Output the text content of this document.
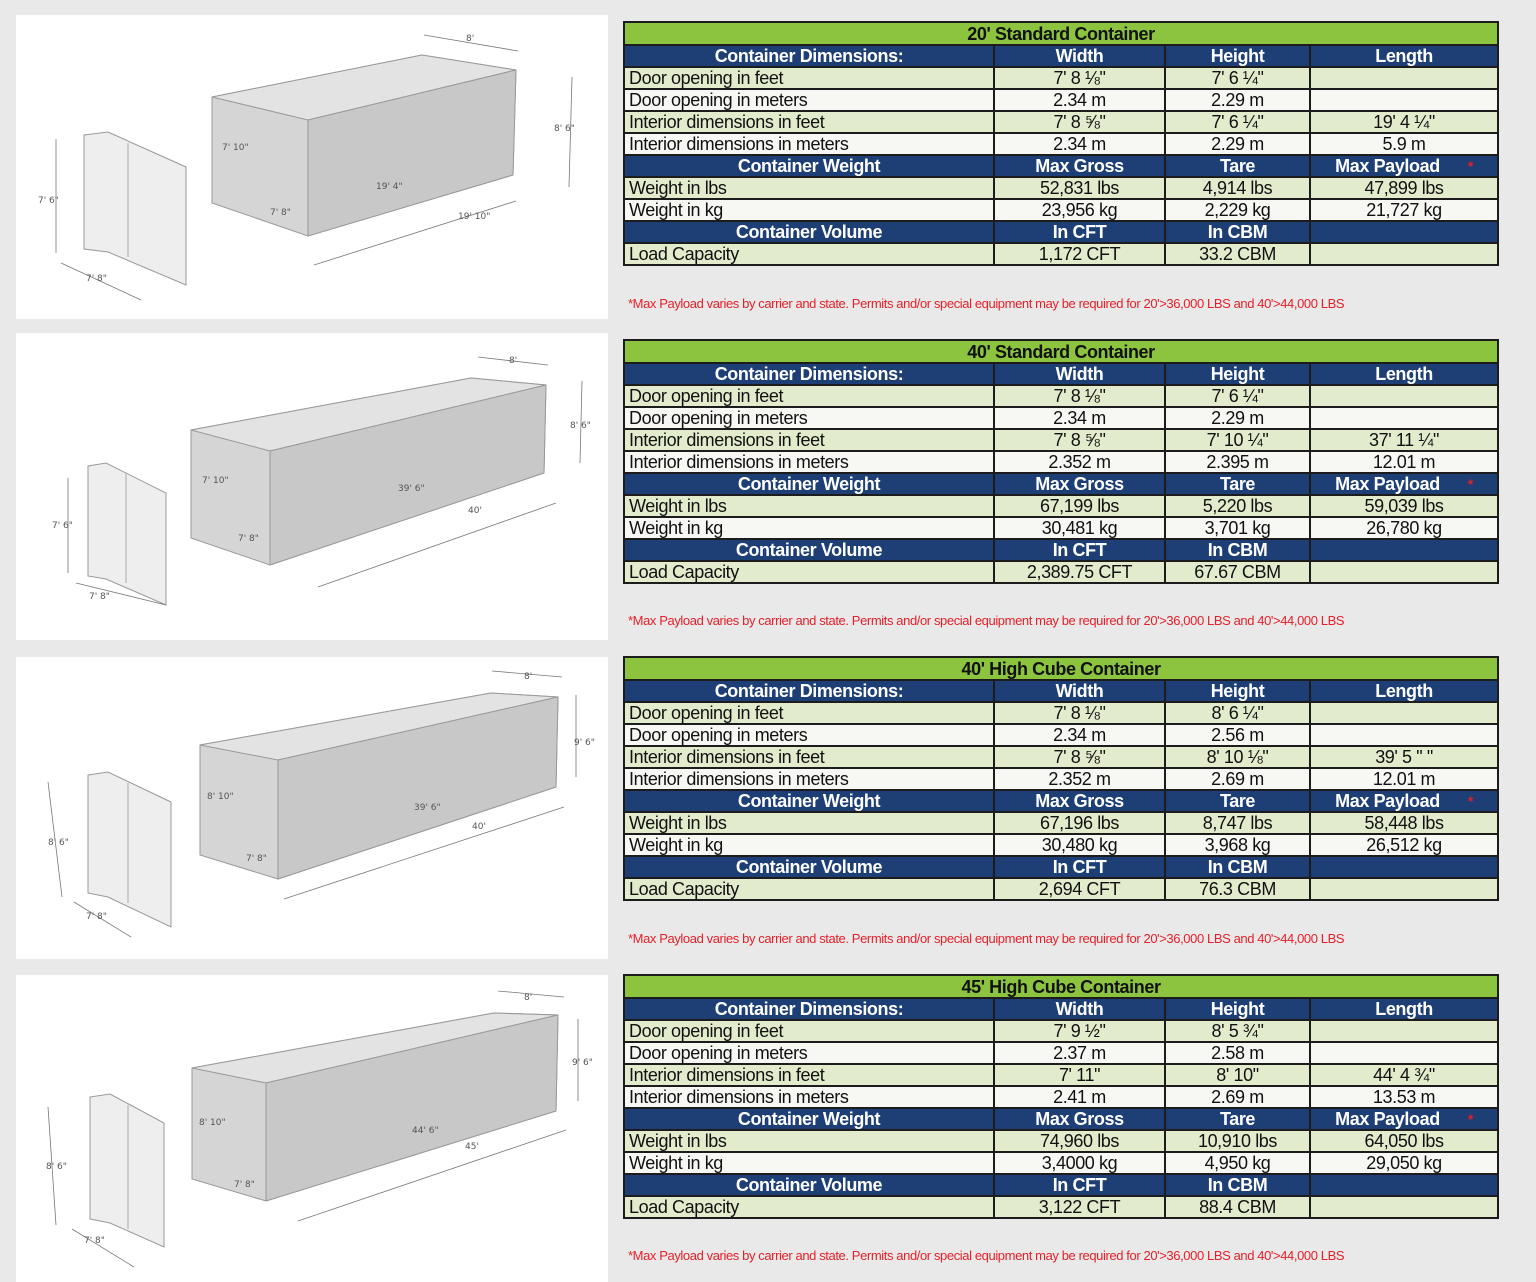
8'
8' 6"
7' 10"
19' 4"
19' 10"
7' 8"
7' 6"
7' 8"
20' Standard Container			
Container Dimensions:	Width	Height	Length
Door opening in feet	7' 8 ⅛"	7' 6 ¼"	
Door opening in meters	2.34 m	2.29 m	
Interior dimensions in feet	7' 8 ⅝"	7' 6 ¼"	19' 4 ¼"
Interior dimensions in meters	2.34 m	2.29 m	5.9 m
Container Weight	Max Gross	Tare	Max Payload *
Weight in lbs	52,831 lbs	4,914 lbs	47,899 lbs
Weight in kg	23,956 kg	2,229 kg	21,727 kg
Container Volume	In CFT	In CBM	
Load Capacity	1,172 CFT	33.2 CBM	
*Max Payload varies by carrier and state. Permits and/or special equipment may be required for 20'>36,000 LBS and 40'>44,000 LBS
8'
8' 6"
7' 10"
39' 6"
40'
7' 8"
7' 6"
7' 8"
40' Standard Container			
Container Dimensions:	Width	Height	Length
Door opening in feet	7' 8 ⅛"	7' 6 ¼"	
Door opening in meters	2.34 m	2.29 m	
Interior dimensions in feet	7' 8 ⅝"	7' 10 ¼"	37' 11 ¼"
Interior dimensions in meters	2.352 m	2.395 m	12.01 m
Container Weight	Max Gross	Tare	Max Payload *
Weight in lbs	67,199 lbs	5,220 lbs	59,039 lbs
Weight in kg	30,481 kg	3,701 kg	26,780 kg
Container Volume	In CFT	In CBM	
Load Capacity	2,389.75 CFT	67.67 CBM	
*Max Payload varies by carrier and state. Permits and/or special equipment may be required for 20'>36,000 LBS and 40'>44,000 LBS
8'
9' 6"
8' 10"
39' 6"
40'
7' 8"
8' 6"
7' 8"
40' High Cube Container			
Container Dimensions:	Width	Height	Length
Door opening in feet	7' 8 ⅛"	8' 6 ¼"	
Door opening in meters	2.34 m	2.56 m	
Interior dimensions in feet	7' 8 ⅝"	8' 10 ⅛"	39' 5 " "
Interior dimensions in meters	2.352 m	2.69 m	12.01 m
Container Weight	Max Gross	Tare	Max Payload *
Weight in lbs	67,196 lbs	8,747 lbs	58,448 lbs
Weight in kg	30,480 kg	3,968 kg	26,512 kg
Container Volume	In CFT	In CBM	
Load Capacity	2,694 CFT	76.3 CBM	
*Max Payload varies by carrier and state. Permits and/or special equipment may be required for 20'>36,000 LBS and 40'>44,000 LBS
8'
9' 6"
8' 10"
44' 6"
45'
7' 8"
8' 6"
7' 8"
45' High Cube Container			
Container Dimensions:	Width	Height	Length
Door opening in feet	7' 9 ½"	8' 5 ¾"	
Door opening in meters	2.37 m	2.58 m	
Interior dimensions in feet	7' 11"	8' 10"	44' 4 ¾"
Interior dimensions in meters	2.41 m	2.69 m	13.53 m
Container Weight	Max Gross	Tare	Max Payload *
Weight in lbs	74,960 lbs	10,910 lbs	64,050 lbs
Weight in kg	3,4000 kg	4,950 kg	29,050 kg
Container Volume	In CFT	In CBM	
Load Capacity	3,122 CFT	88.4 CBM	
*Max Payload varies by carrier and state. Permits and/or special equipment may be required for 20'>36,000 LBS and 40'>44,000 LBS
